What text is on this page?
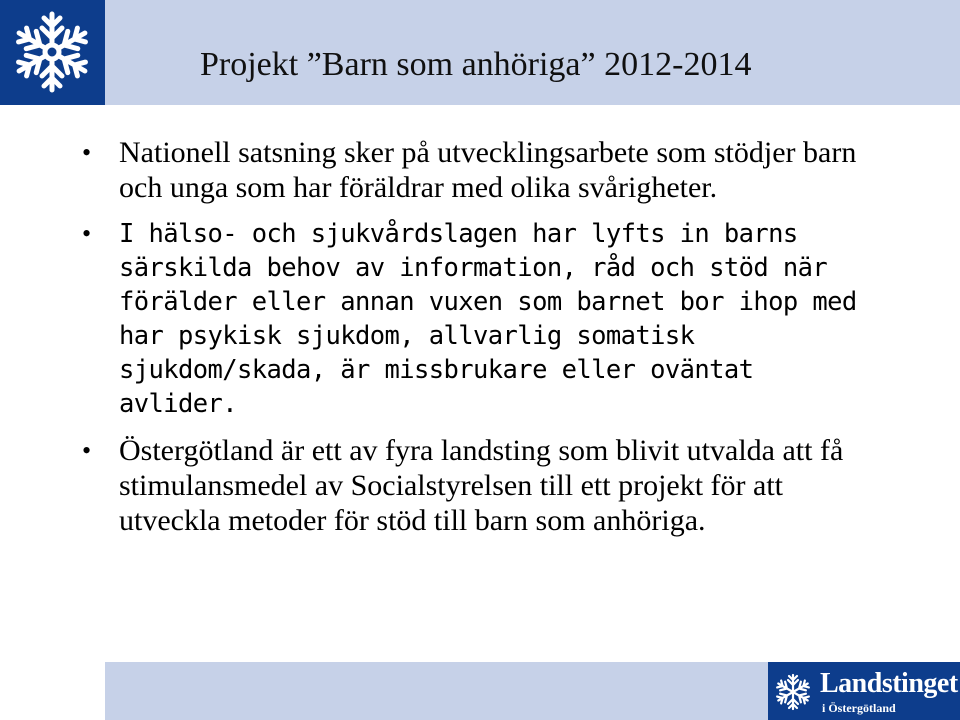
Projekt ”Barn som anhöriga” 2012-2014
• Nationell satsning sker på utvecklingsarbete som stödjer barn och unga som har föräldrar med olika svårigheter.
• I hälso- och sjukvårdslagen har lyfts in barns särskilda behov av information, råd och stöd när förälder eller annan vuxen som barnet bor ihop med har psykisk sjukdom, allvarlig somatisk sjukdom/skada, är missbrukare eller oväntat avlider.
• Östergötland är ett av fyra landsting som blivit utvalda att få stimulansmedel av Socialstyrelsen till ett projekt för att utveckla metoder för stöd till barn som anhöriga.
Landstinget
i Östergötland
